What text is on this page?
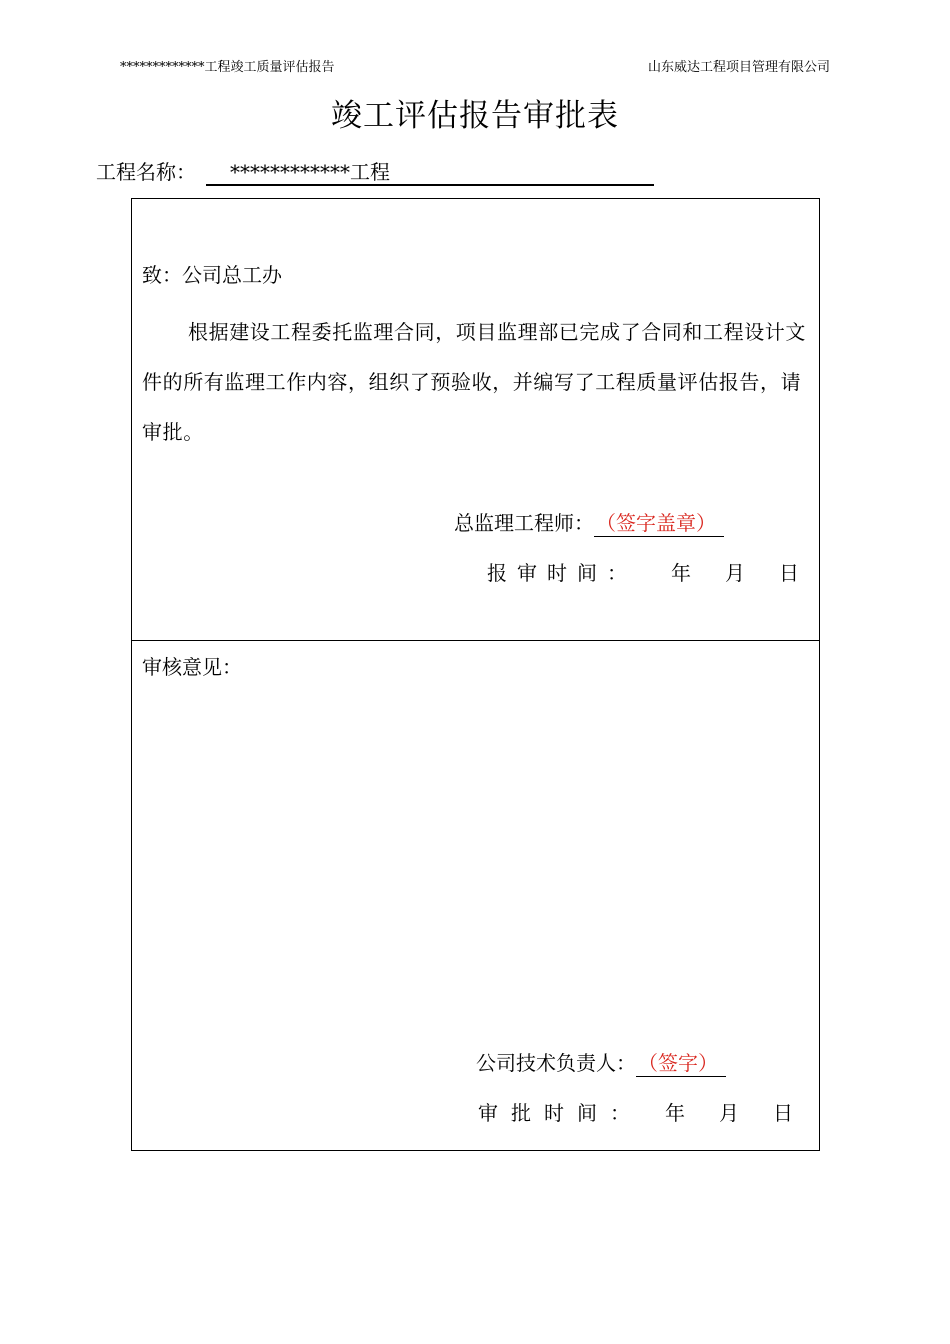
*************工程竣工质量评估报告	山东威达工程项目管理有限公司
竣工评估报告审批表
工程名称： ************工程
致：公司总工办
根据建设工程委托监理合同，项目监理部已完成了合同和工程设计文件的所有监理工作内容，组织了预验收，并编写了工程质量评估报告，请审批。
总监理工程师： （签字盖章）
报审时间： 年 月 日
审核意见：
公司技术负责人： （签字）
审批时间： 年 月 日
